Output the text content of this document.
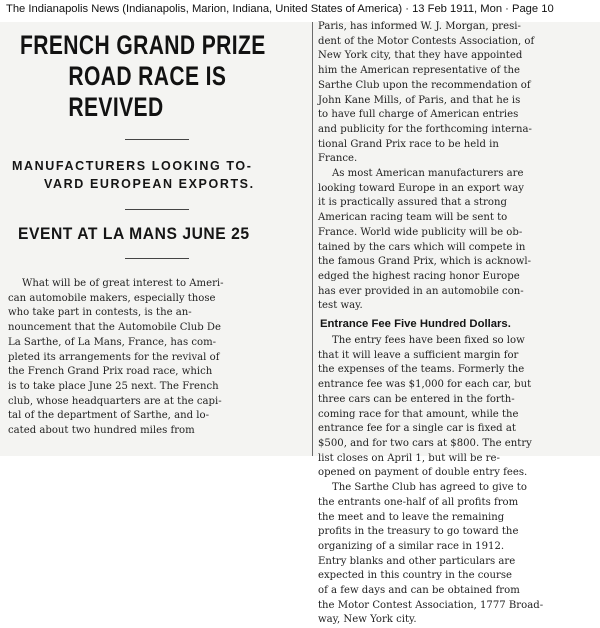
The Indianapolis News (Indianapolis, Marion, Indiana, United States of America) · 13 Feb 1911, Mon · Page 10
FRENCH GRAND PRIZE
ROAD RACE IS REVIVED
MANUFACTURERS LOOKING TO-
VARD EUROPEAN EXPORTS.
EVENT AT LA MANS JUNE 25
What will be of great interest to Ameri-
can automobile makers, especially those
who take part in contests, is the an-
nouncement that the Automobile Club De
La Sarthe, of La Mans, France, has com-
pleted its arrangements for the revival of
the French Grand Prix road race, which
is to take place June 25 next. The French
club, whose headquarters are at the capi-
tal of the department of Sarthe, and lo-
cated about two hundred miles from
Paris, has informed W. J. Morgan, presi-
dent of the Motor Contests Association, of
New York city, that they have appointed
him the American representative of the
Sarthe Club upon the recommendation of
John Kane Mills, of Paris, and that he is
to have full charge of American entries
and publicity for the forthcoming interna-
tional Grand Prix race to be held in
France.
As most American manufacturers are
looking toward Europe in an export way
it is practically assured that a strong
American racing team will be sent to
France. World wide publicity will be ob-
tained by the cars which will compete in
the famous Grand Prix, which is acknowl-
edged the highest racing honor Europe
has ever provided in an automobile con-
test way.
Entrance Fee Five Hundred Dollars.
The entry fees have been fixed so low
that it will leave a sufficient margin for
the expenses of the teams. Formerly the
entrance fee was $1,000 for each car, but
three cars can be entered in the forth-
coming race for that amount, while the
entrance fee for a single car is fixed at
$500, and for two cars at $800. The entry
list closes on April 1, but will be re-
opened on payment of double entry fees.
The Sarthe Club has agreed to give to
the entrants one-half of all profits from
the meet and to leave the remaining
profits in the treasury to go toward the
organizing of a similar race in 1912.
Entry blanks and other particulars are
expected in this country in the course
of a few days and can be obtained from
the Motor Contest Association, 1777 Broad-
way, New York city.
